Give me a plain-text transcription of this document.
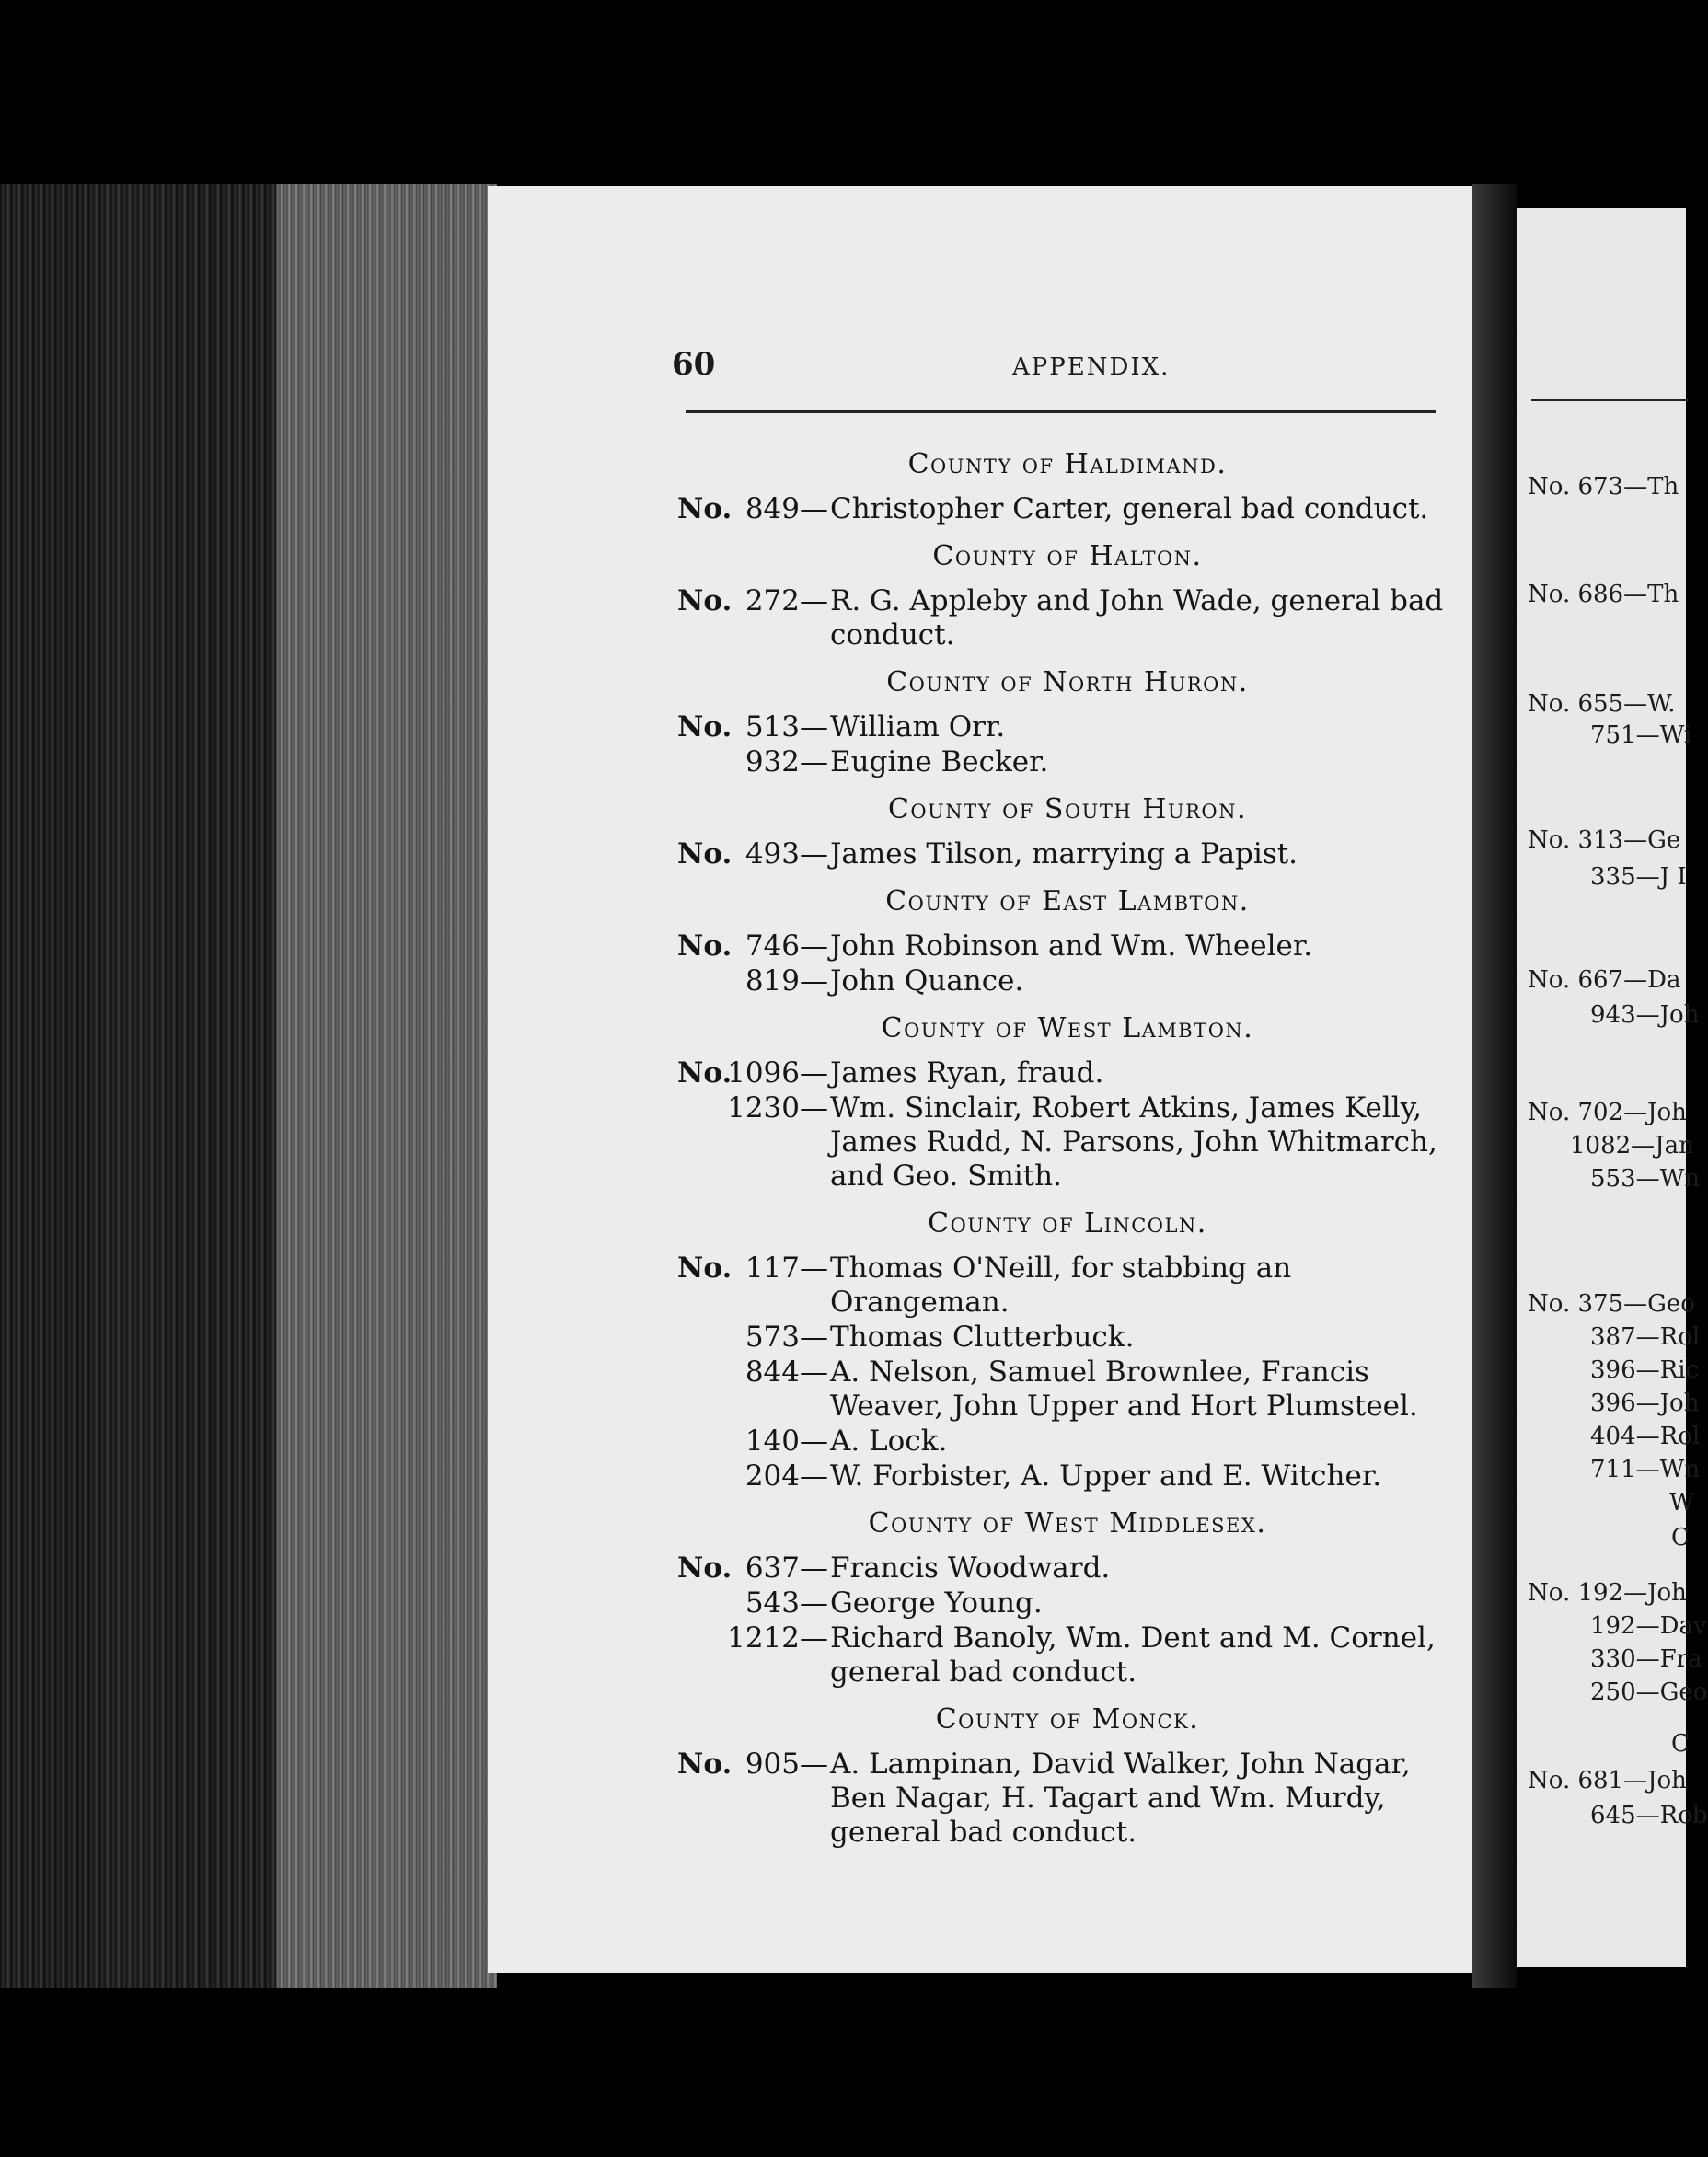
No. 673—Th
No. 686—Th
No. 655—W.
751—Wi
No. 313—Ge
335—J I
No. 667—Da
943—Joh
No. 702—Joh
1082—Jan
553—Wn
No. 375—Geo
387—Rol
396—Ric
396—Joh
404—Rol
711—Wn
W
C
No. 192—Joh
192—Dav
330—Fra
250—Geo
C
No. 681—Joh
645—Rob
60	APPENDIX.
County of Haldimand.
No. 849— Christopher Carter, general bad conduct.
County of Halton.
No. 272— R. G. Appleby and John Wade, general bad conduct.
County of North Huron.
No. 513— William Orr.
932— Eugine Becker.
County of South Huron.
No. 493— James Tilson, marrying a Papist.
County of East Lambton.
No. 746— John Robinson and Wm. Wheeler.
819— John Quance.
County of West Lambton.
No.
1096— James Ryan, fraud.
1230— Wm. Sinclair, Robert Atkins, James Kelly, James Rudd, N. Parsons, John Whitmarch, and Geo. Smith.
County of Lincoln.
No. 117— Thomas O'Neill, for stabbing an Orangeman.
573— Thomas Clutterbuck.
844— A. Nelson, Samuel Brownlee, Francis Weaver, John Upper and Hort Plumsteel.
140— A. Lock.
204— W. Forbister, A. Upper and E. Witcher.
County of West Middlesex.
No. 637— Francis Woodward.
543— George Young.
1212— Richard Banoly, Wm. Dent and M. Cornel, general bad conduct.
County of Monck.
No. 905— A. Lampinan, David Walker, John Nagar, Ben Nagar, H. Tagart and Wm. Murdy, general bad conduct.
